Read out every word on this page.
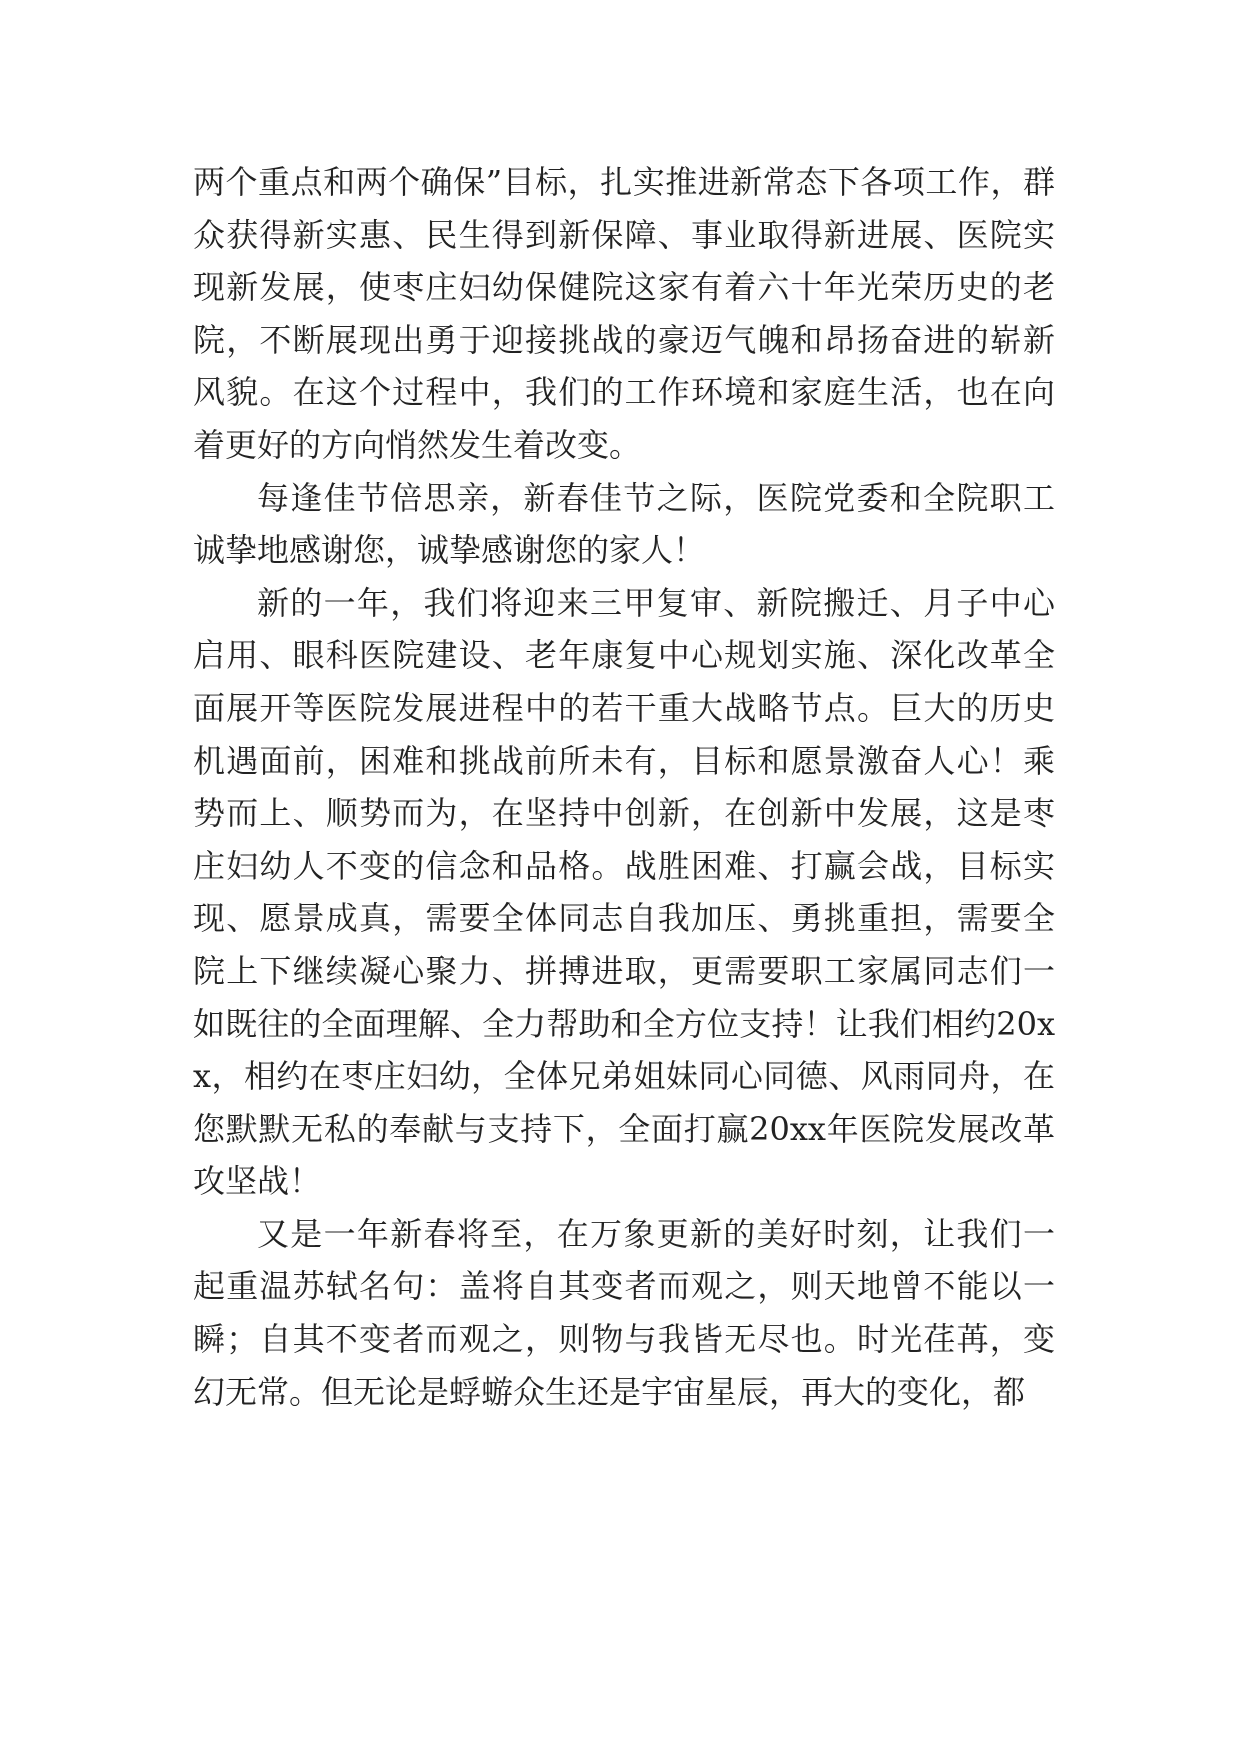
两个重点和两个确保”目标，扎实推进新常态下各项工作，群众获得新实惠、民生得到新保障、事业取得新进展、医院实现新发展，使枣庄妇幼保健院这家有着六十年光荣历史的老院，不断展现出勇于迎接挑战的豪迈气魄和昂扬奋进的崭新风貌。在这个过程中，我们的工作环境和家庭生活，也在向着更好的方向悄然发生着改变。

每逢佳节倍思亲，新春佳节之际，医院党委和全院职工诚挚地感谢您，诚挚感谢您的家人！

新的一年，我们将迎来三甲复审、新院搬迁、月子中心启用、眼科医院建设、老年康复中心规划实施、深化改革全面展开等医院发展进程中的若干重大战略节点。巨大的历史机遇面前，困难和挑战前所未有，目标和愿景激奋人心！乘势而上、顺势而为，在坚持中创新，在创新中发展，这是枣庄妇幼人不变的信念和品格。战胜困难、打赢会战，目标实现、愿景成真，需要全体同志自我加压、勇挑重担，需要全院上下继续凝心聚力、拼搏进取，更需要职工家属同志们一如既往的全面理解、全力帮助和全方位支持！让我们相约20xx，相约在枣庄妇幼，全体兄弟姐妹同心同德、风雨同舟，在您默默无私的奉献与支持下，全面打赢20xx年医院发展改革攻坚战！

又是一年新春将至，在万象更新的美好时刻，让我们一起重温苏轼名句：盖将自其变者而观之，则天地曾不能以一瞬；自其不变者而观之，则物与我皆无尽也。时光荏苒，变幻无常。但无论是蜉蝣众生还是宇宙星辰，再大的变化，都
